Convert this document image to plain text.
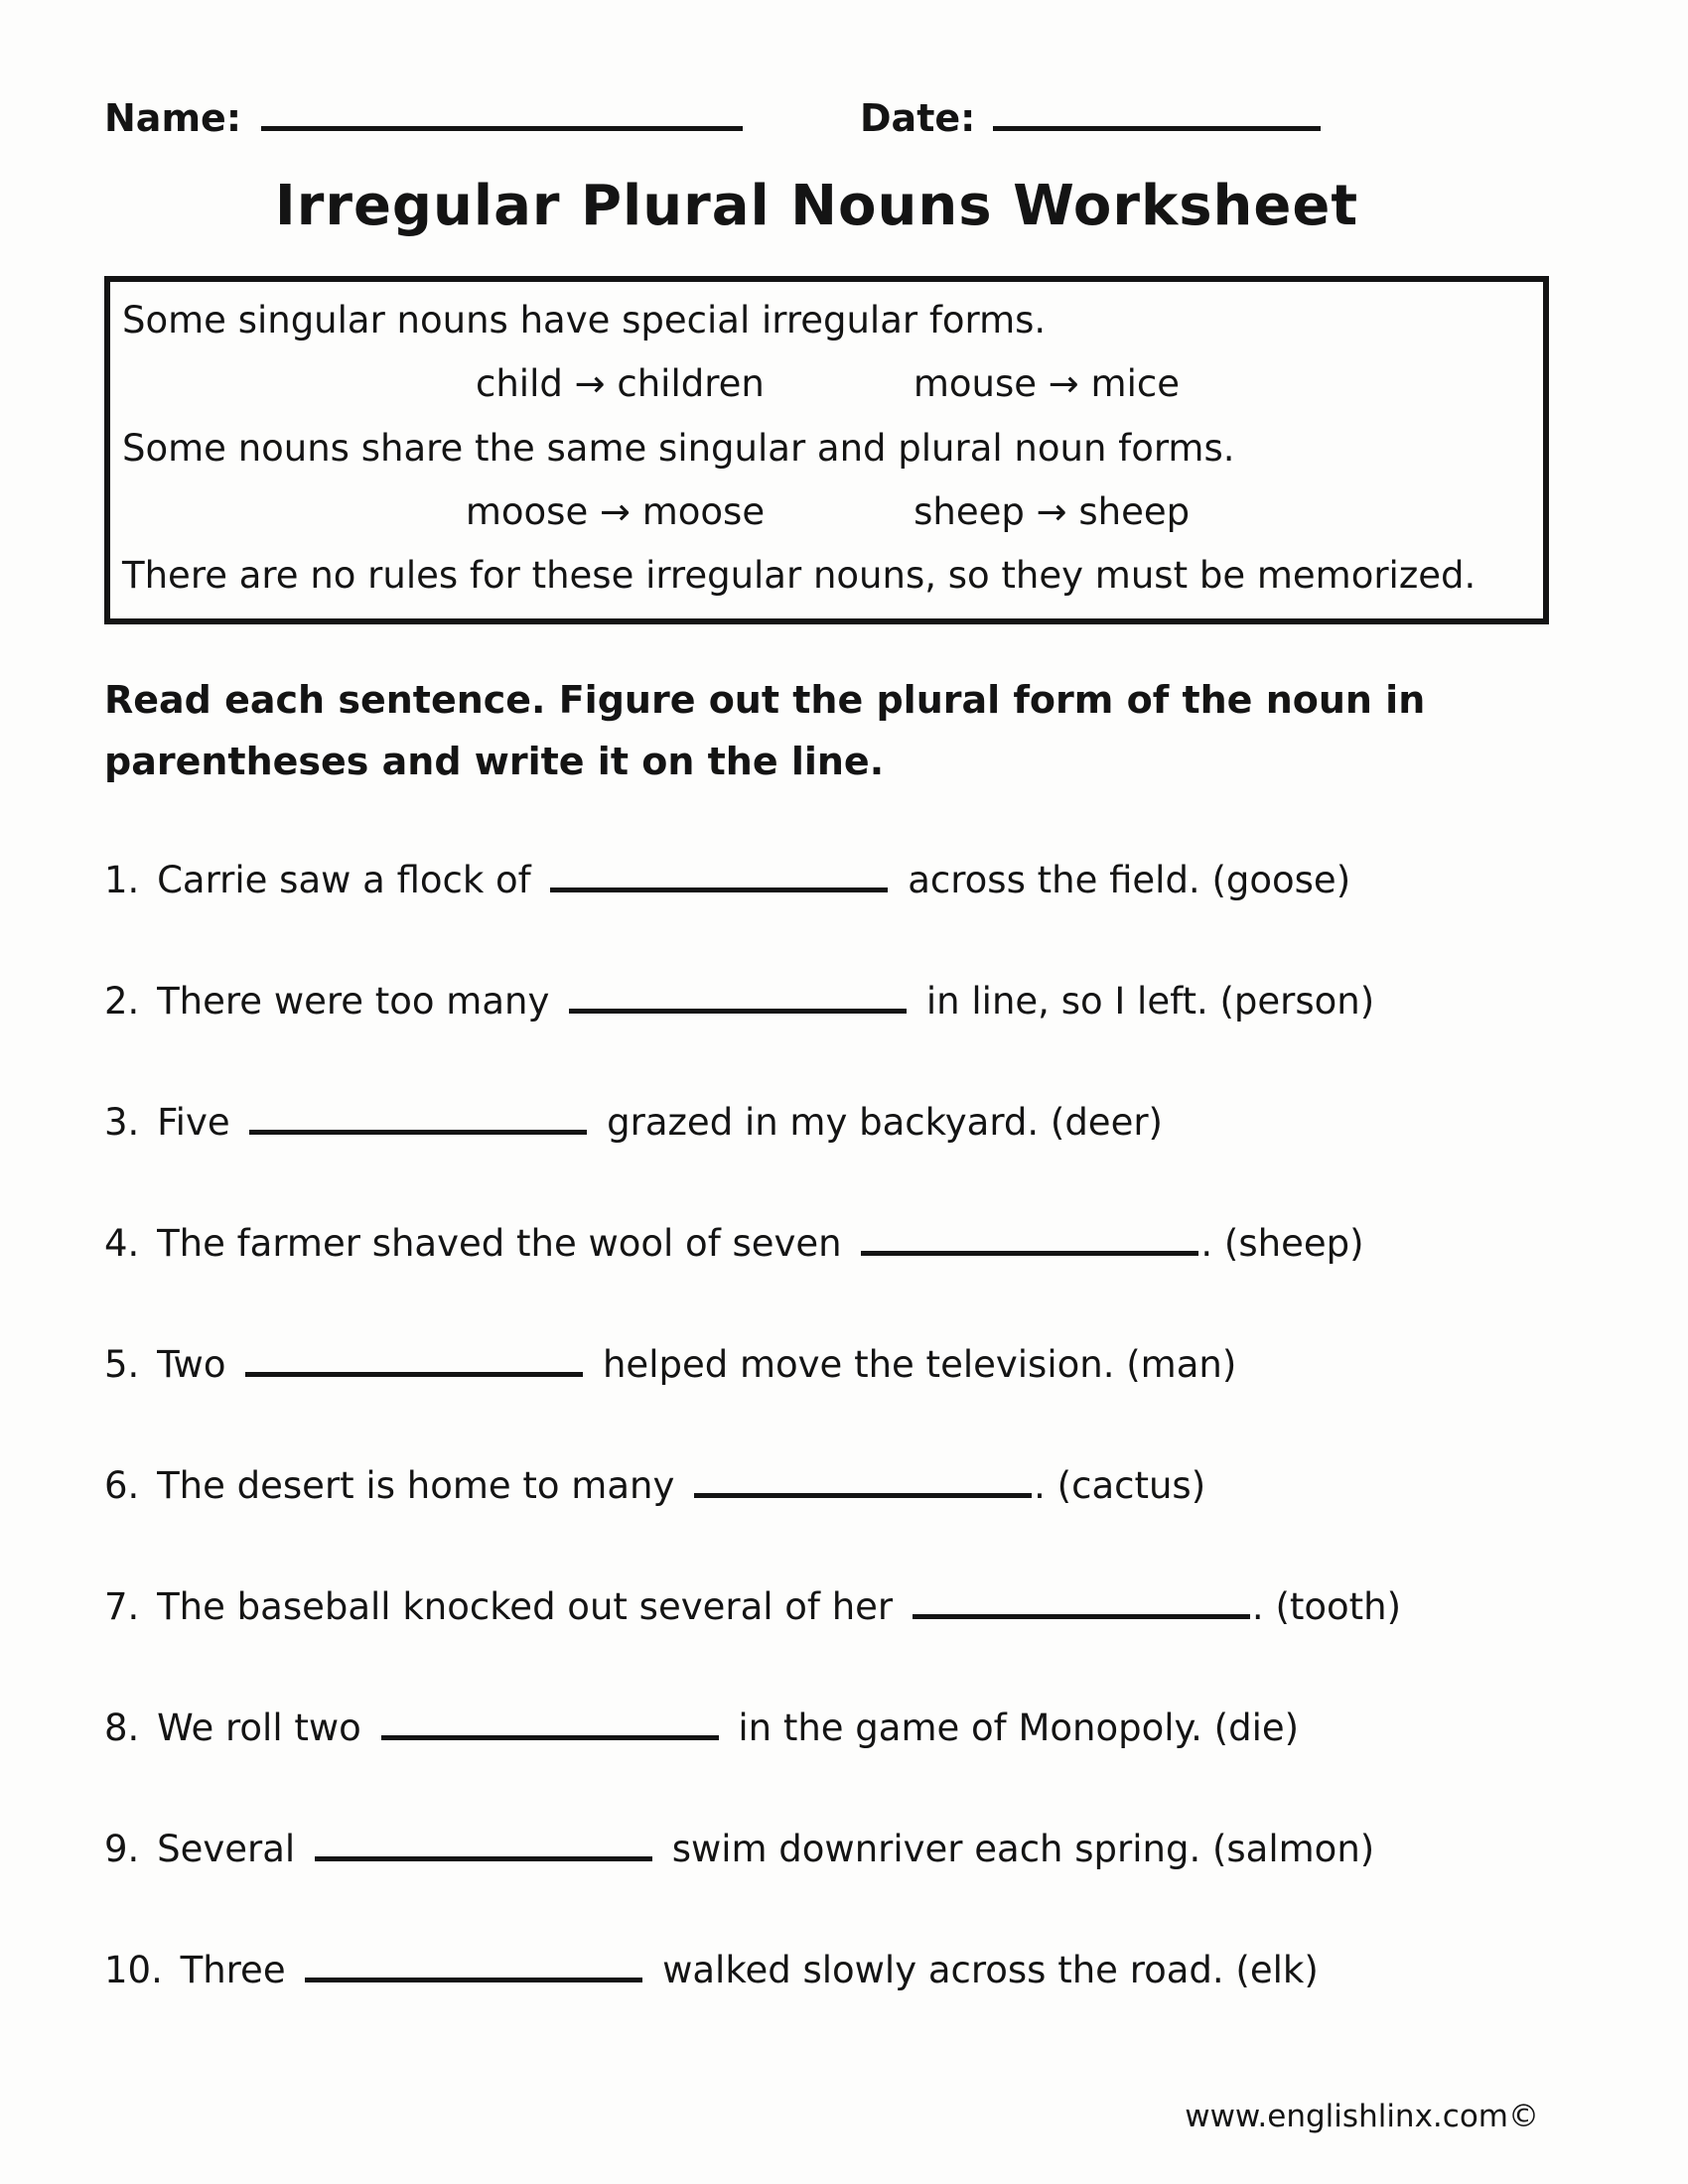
Name:	Date:
Irregular Plural Nouns Worksheet

Some singular nouns have special irregular forms.

child → children	mouse → mice

Some nouns share the same singular and plural noun forms.

moose → moose	sheep → sheep

There are no rules for these irregular nouns, so they must be memorized.

Read each sentence. Figure out the plural form of the noun in parentheses and write it on the line.

1. Carrie saw a flock of	across the field. (goose)

2. There were too many	in line, so I left. (person)

3. Five	grazed in my backyard. (deer)

4. The farmer shaved the wool of seven	. (sheep)

5. Two	helped move the television. (man)

6. The desert is home to many	. (cactus)

7. The baseball knocked out several of her	. (tooth)

8. We roll two	in the game of Monopoly. (die)

9. Several	swim downriver each spring. (salmon)

10. Three	walked slowly across the road. (elk)

www.englishlinx.com©
